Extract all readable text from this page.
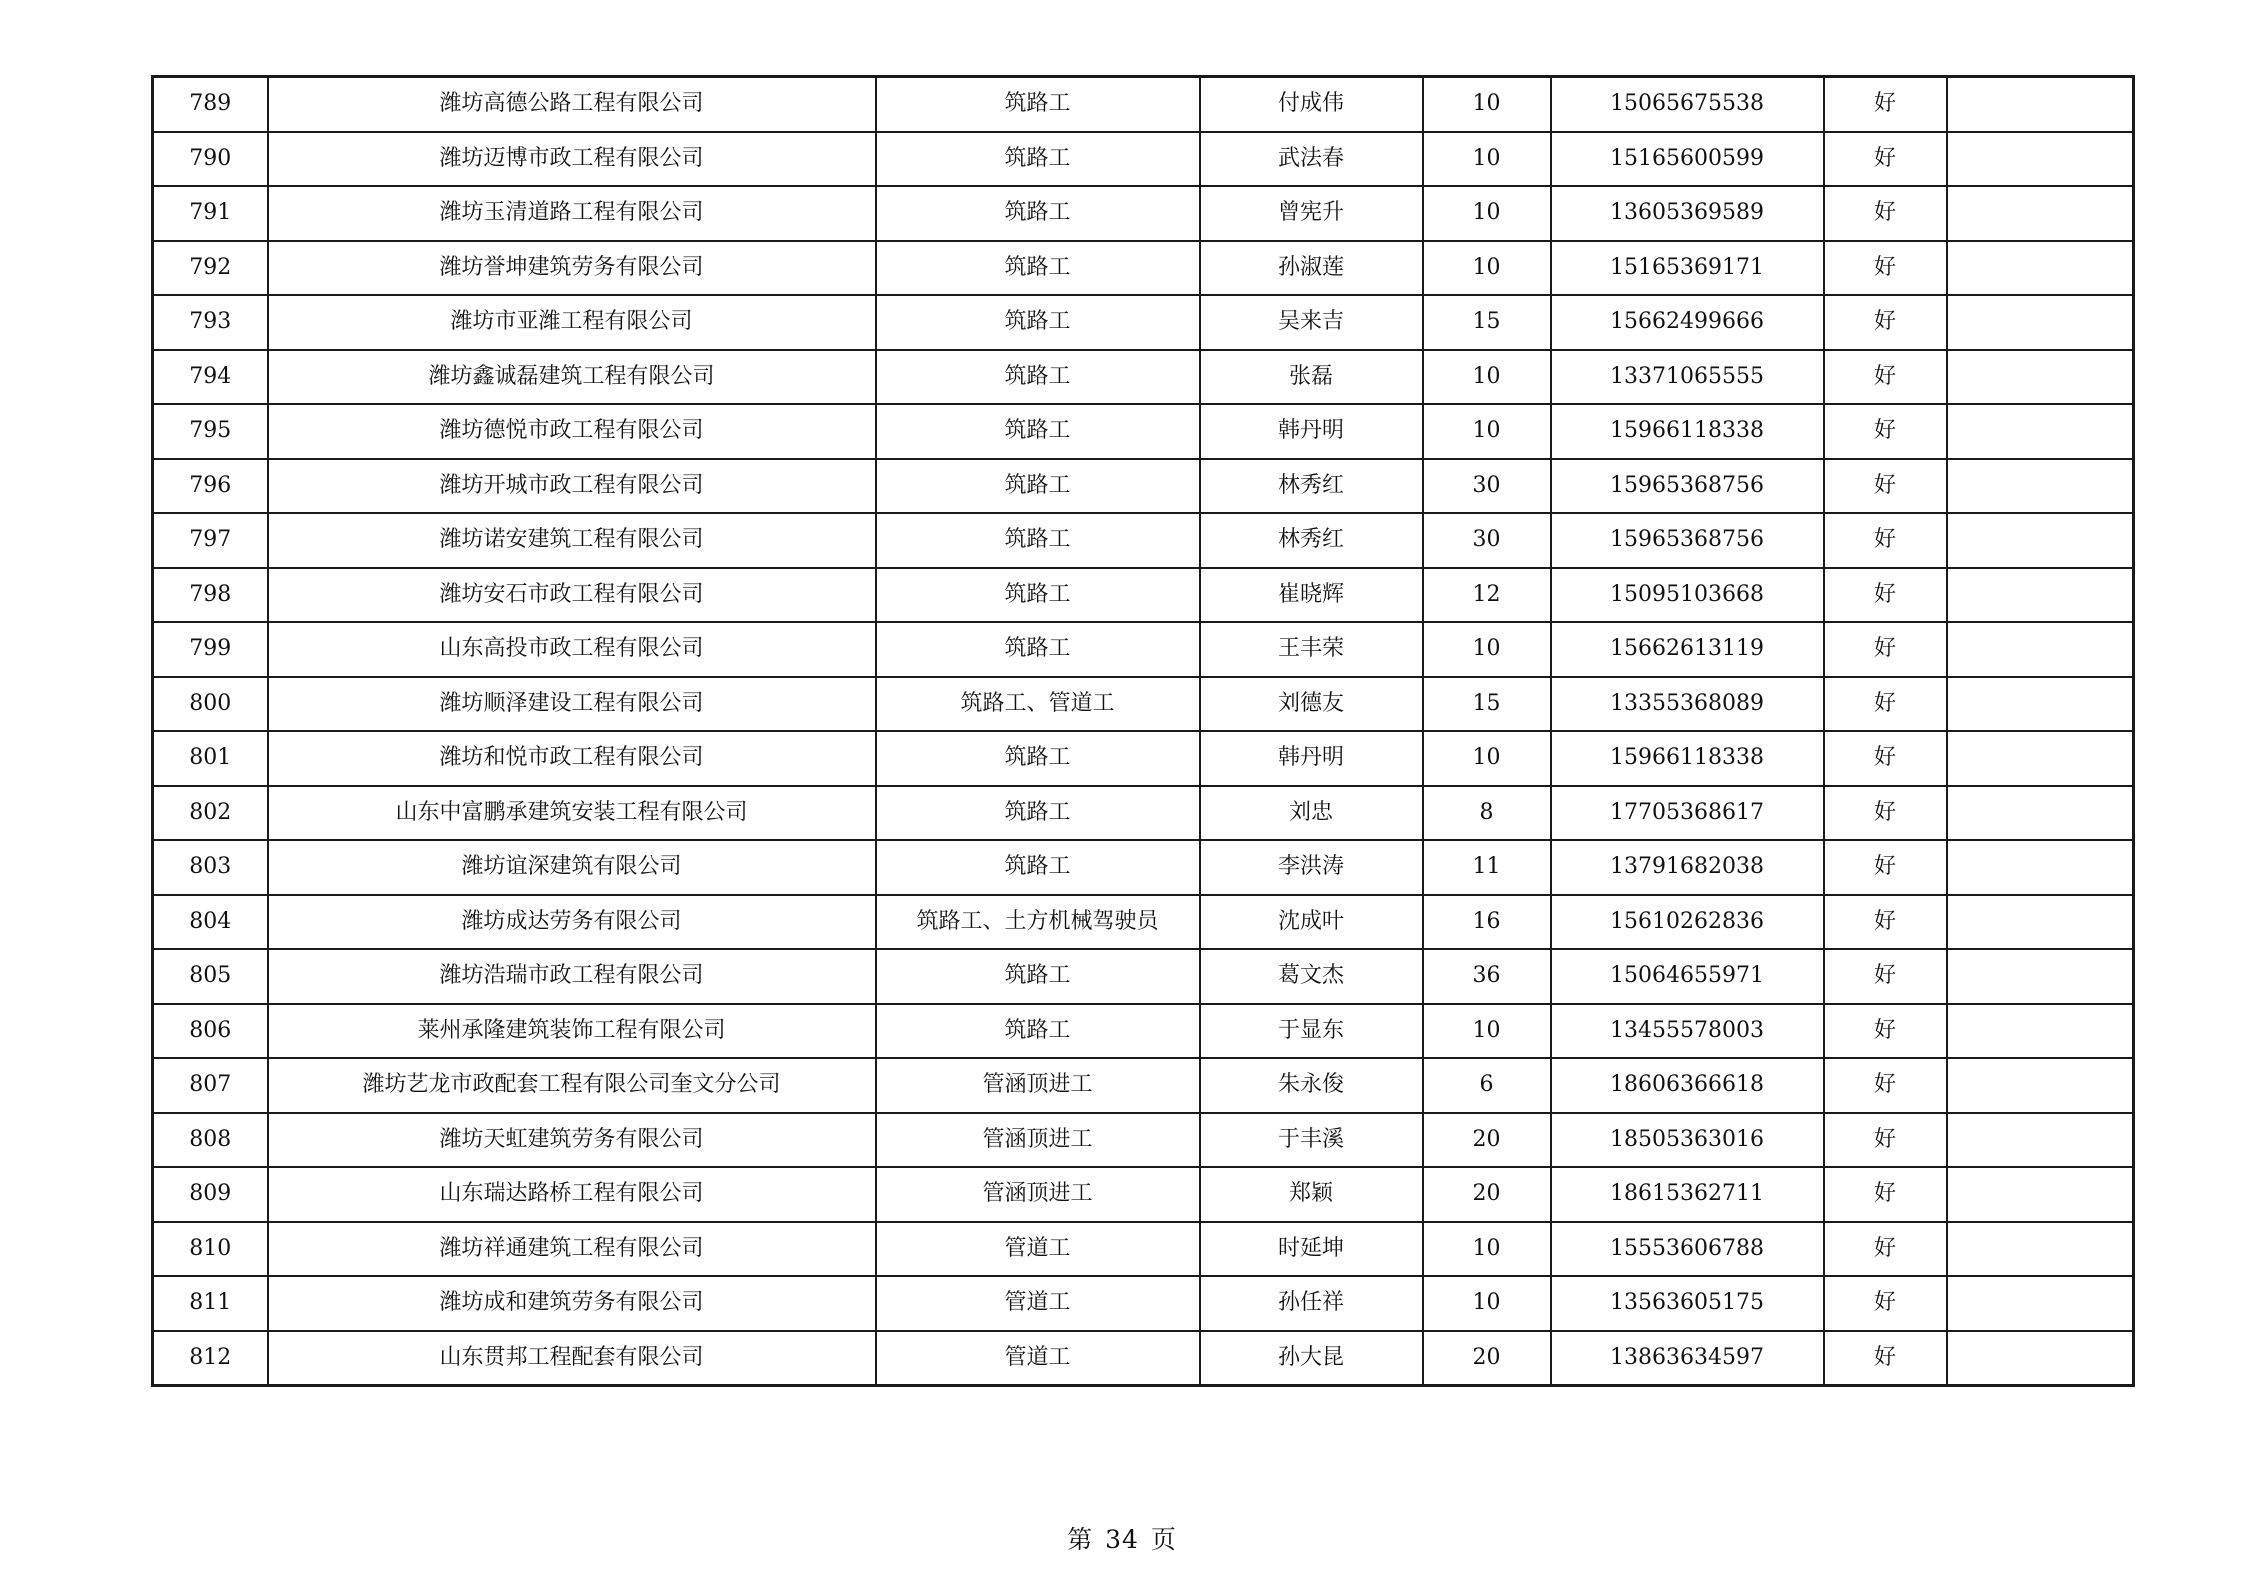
789	潍坊高德公路工程有限公司	筑路工	付成伟	10	15065675538	好	
790	潍坊迈博市政工程有限公司	筑路工	武法春	10	15165600599	好	
791	潍坊玉清道路工程有限公司	筑路工	曾宪升	10	13605369589	好	
792	潍坊誉坤建筑劳务有限公司	筑路工	孙淑莲	10	15165369171	好	
793	潍坊市亚潍工程有限公司	筑路工	吴来吉	15	15662499666	好	
794	潍坊鑫诚磊建筑工程有限公司	筑路工	张磊	10	13371065555	好	
795	潍坊德悦市政工程有限公司	筑路工	韩丹明	10	15966118338	好	
796	潍坊开城市政工程有限公司	筑路工	林秀红	30	15965368756	好	
797	潍坊诺安建筑工程有限公司	筑路工	林秀红	30	15965368756	好	
798	潍坊安石市政工程有限公司	筑路工	崔晓辉	12	15095103668	好	
799	山东高投市政工程有限公司	筑路工	王丰荣	10	15662613119	好	
800	潍坊顺泽建设工程有限公司	筑路工、管道工	刘德友	15	13355368089	好	
801	潍坊和悦市政工程有限公司	筑路工	韩丹明	10	15966118338	好	
802	山东中富鹏承建筑安装工程有限公司	筑路工	刘忠	8	17705368617	好	
803	潍坊谊深建筑有限公司	筑路工	李洪涛	11	13791682038	好	
804	潍坊成达劳务有限公司	筑路工、土方机械驾驶员	沈成叶	16	15610262836	好	
805	潍坊浩瑞市政工程有限公司	筑路工	葛文杰	36	15064655971	好	
806	莱州承隆建筑装饰工程有限公司	筑路工	于显东	10	13455578003	好	
807	潍坊艺龙市政配套工程有限公司奎文分公司	管涵顶进工	朱永俊	6	18606366618	好	
808	潍坊天虹建筑劳务有限公司	管涵顶进工	于丰溪	20	18505363016	好	
809	山东瑞达路桥工程有限公司	管涵顶进工	郑颖	20	18615362711	好	
810	潍坊祥通建筑工程有限公司	管道工	时延坤	10	15553606788	好	
811	潍坊成和建筑劳务有限公司	管道工	孙任祥	10	13563605175	好	
812	山东贯邦工程配套有限公司	管道工	孙大昆	20	13863634597	好	
第 34 页
